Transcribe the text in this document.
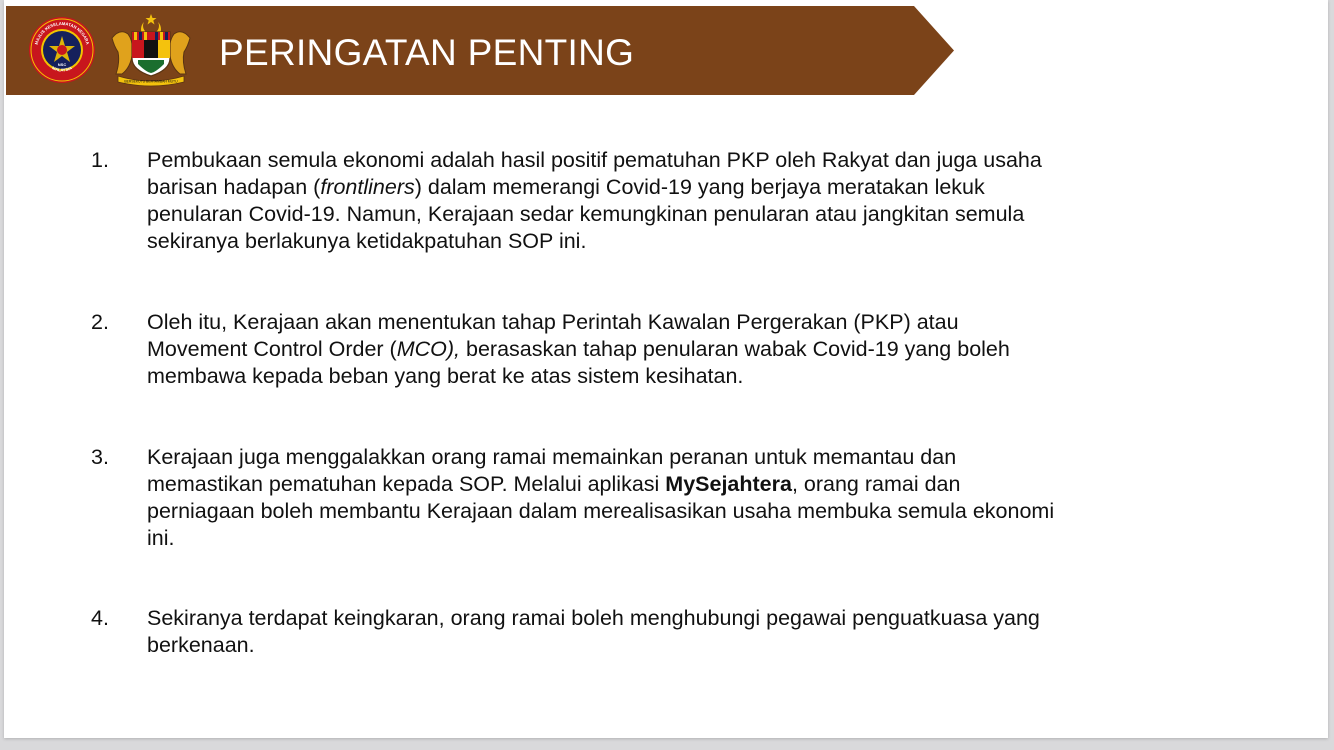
NSC
MAJLIS KESELAMATAN NEGARA
MALAYSIA
BERSEKUTU BERTAMBAH MUTU
PERINGATAN PENTING
1. Pembukaan semula ekonomi adalah hasil positif pematuhan PKP oleh Rakyat dan juga usaha

barisan hadapan (frontliners) dalam memerangi Covid-19 yang berjaya meratakan lekuk

penularan Covid-19. Namun, Kerajaan sedar kemungkinan penularan atau jangkitan semula

sekiranya berlakunya ketidakpatuhan SOP ini.

2. Oleh itu, Kerajaan akan menentukan tahap Perintah Kawalan Pergerakan (PKP) atau

Movement Control Order (MCO), berasaskan tahap penularan wabak Covid-19 yang boleh

membawa kepada beban yang berat ke atas sistem kesihatan.

3. Kerajaan juga menggalakkan orang ramai memainkan peranan untuk memantau dan

memastikan pematuhan kepada SOP. Melalui aplikasi MySejahtera, orang ramai dan

perniagaan boleh membantu Kerajaan dalam merealisasikan usaha membuka semula ekonomi

ini.

4. Sekiranya terdapat keingkaran, orang ramai boleh menghubungi pegawai penguatkuasa yang

berkenaan.
